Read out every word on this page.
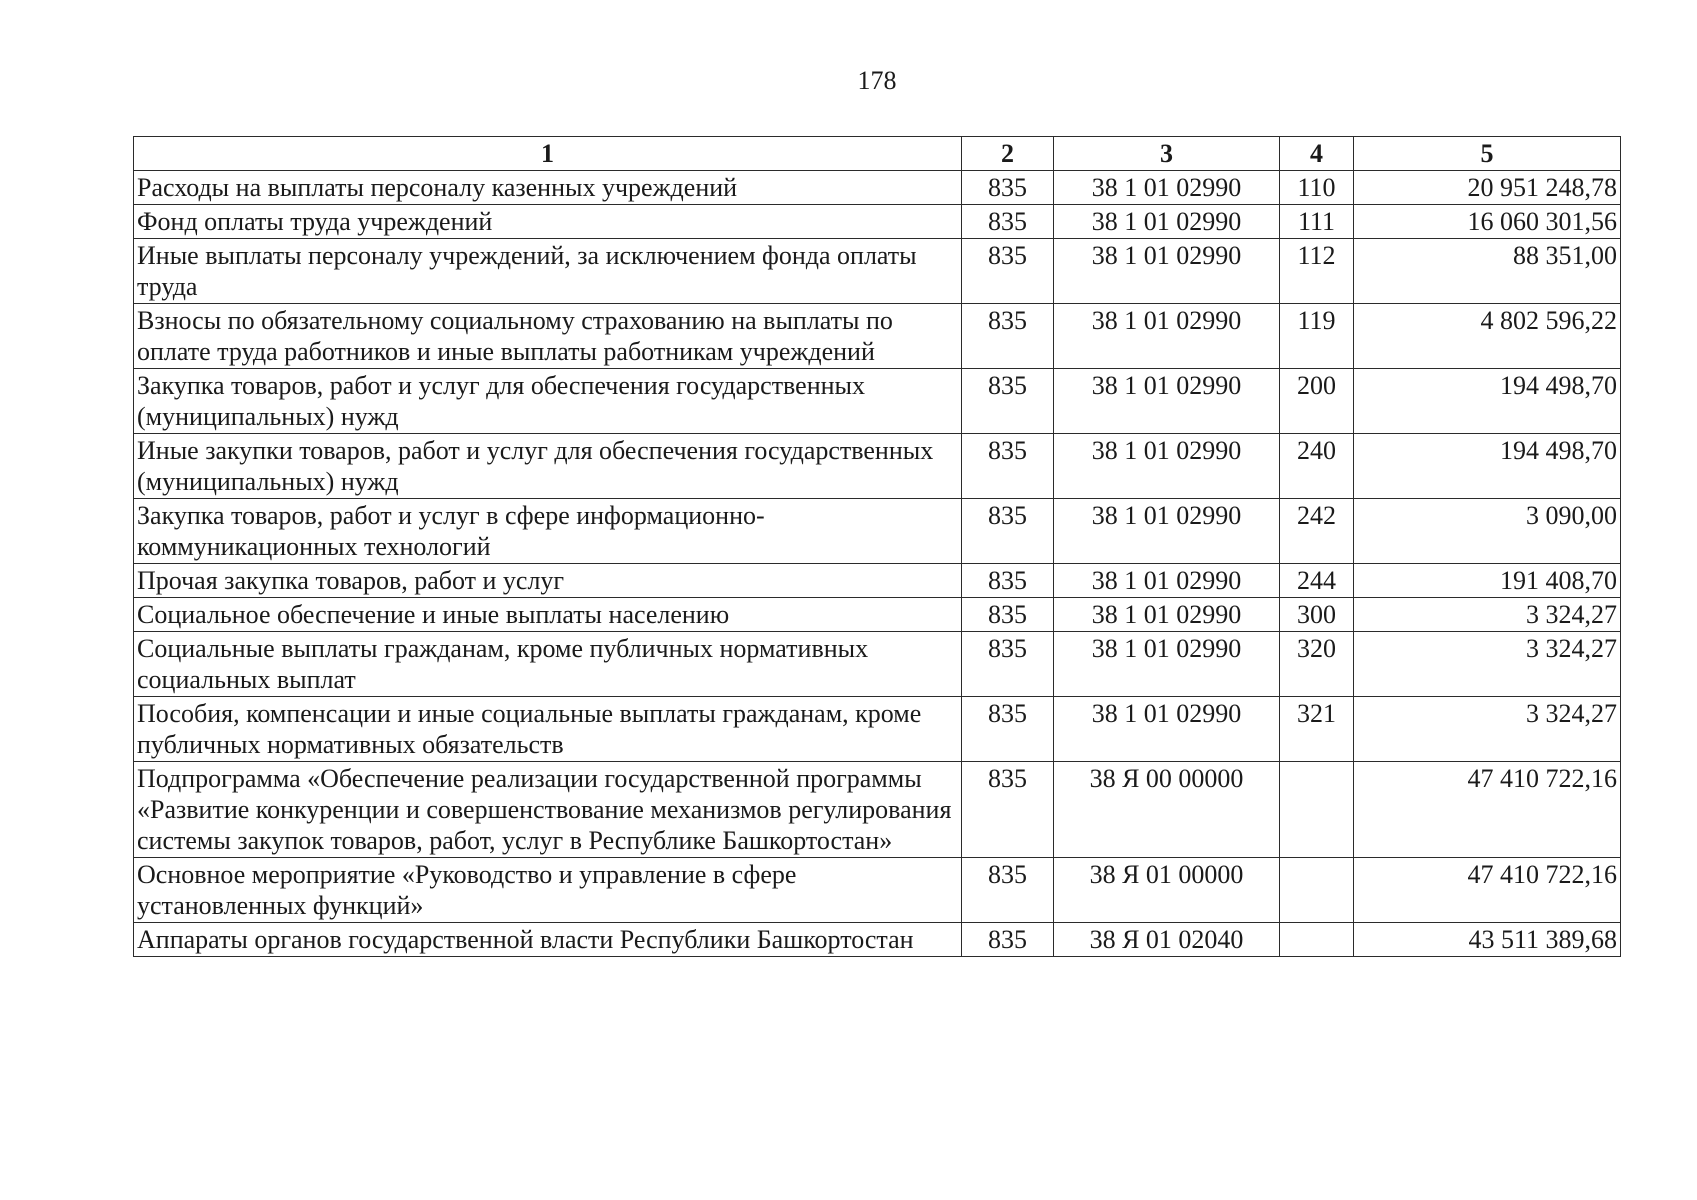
178
1	2	3	4	5
Расходы на выплаты персоналу казенных учреждений	835	38 1 01 02990	110	20 951 248,78
Фонд оплаты труда учреждений	835	38 1 01 02990	111	16 060 301,56
Иные выплаты персоналу учреждений, за исключением фонда оплаты труда	835	38 1 01 02990	112	88 351,00
Взносы по обязательному социальному страхованию на выплаты по оплате труда работников и иные выплаты работникам учреждений	835	38 1 01 02990	119	4 802 596,22
Закупка товаров, работ и услуг для обеспечения государственных (муниципальных) нужд	835	38 1 01 02990	200	194 498,70
Иные закупки товаров, работ и услуг для обеспечения государственных (муниципальных) нужд	835	38 1 01 02990	240	194 498,70
Закупка товаров, работ и услуг в сфере информационно-коммуникационных технологий	835	38 1 01 02990	242	3 090,00
Прочая закупка товаров, работ и услуг	835	38 1 01 02990	244	191 408,70
Социальное обеспечение и иные выплаты населению	835	38 1 01 02990	300	3 324,27
Социальные выплаты гражданам, кроме публичных нормативных социальных выплат	835	38 1 01 02990	320	3 324,27
Пособия, компенсации и иные социальные выплаты гражданам, кроме публичных нормативных обязательств	835	38 1 01 02990	321	3 324,27
Подпрограмма «Обеспечение реализации государственной программы «Развитие конкуренции и совершенствование механизмов регулирования системы закупок товаров, работ, услуг в Республике Башкортостан»	835	38 Я 00 00000		47 410 722,16
Основное мероприятие «Руководство и управление в сфере установленных функций»	835	38 Я 01 00000		47 410 722,16
Аппараты органов государственной власти Республики Башкортостан	835	38 Я 01 02040		43 511 389,68
